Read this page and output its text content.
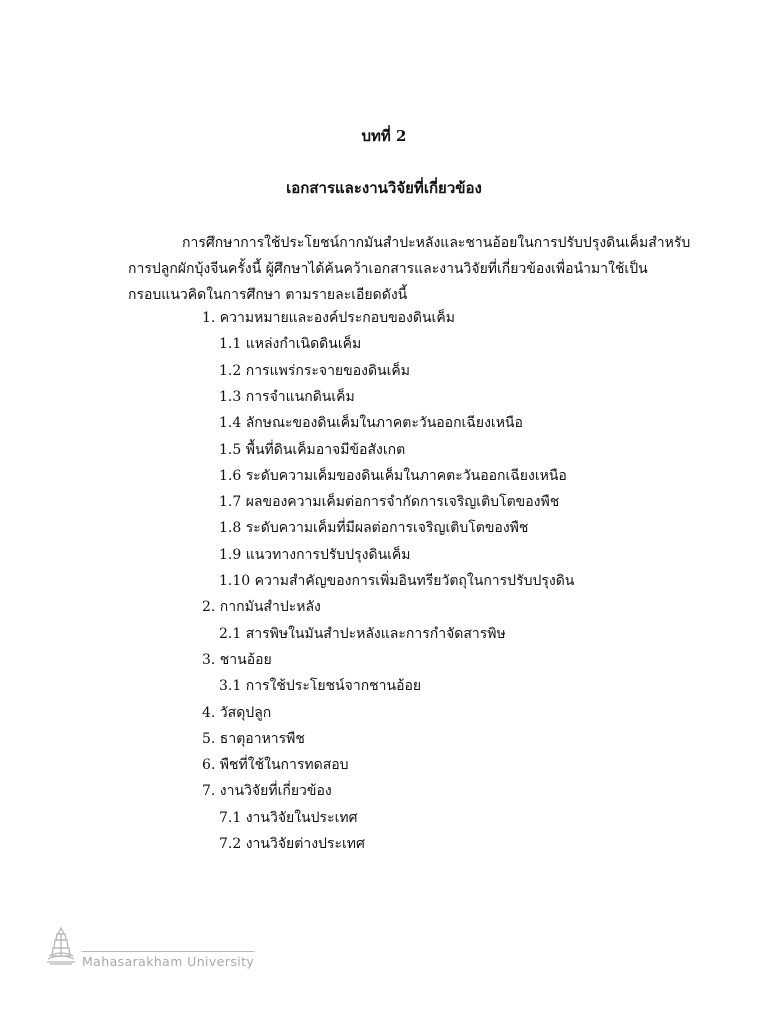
บทที่ 2
เอกสารและงานวิจัยที่เกี่ยวข้อง
การศึกษาการใช้ประโยชน์กากมันสำปะหลังและชานอ้อยในการปรับปรุงดินเค็มสำหรับ
การปลูกผักบุ้งจีนครั้งนี้ ผู้ศึกษาได้ค้นคว้าเอกสารและงานวิจัยที่เกี่ยวข้องเพื่อนำมาใช้เป็น
กรอบแนวคิดในการศึกษา ตามรายละเอียดดังนี้
1. ความหมายและองค์ประกอบของดินเค็ม
1.1 แหล่งกำเนิดดินเค็ม
1.2 การแพร่กระจายของดินเค็ม
1.3 การจำแนกดินเค็ม
1.4 ลักษณะของดินเค็มในภาคตะวันออกเฉียงเหนือ
1.5 พื้นที่ดินเค็มอาจมีข้อสังเกต
1.6 ระดับความเค็มของดินเค็มในภาคตะวันออกเฉียงเหนือ
1.7 ผลของความเค็มต่อการจำกัดการเจริญเติบโตของพืช
1.8 ระดับความเค็มที่มีผลต่อการเจริญเติบโตของพืช
1.9 แนวทางการปรับปรุงดินเค็ม
1.10 ความสำคัญของการเพิ่มอินทรียวัตถุในการปรับปรุงดิน
2. กากมันสำปะหลัง
2.1 สารพิษในมันสำปะหลังและการกำจัดสารพิษ
3. ชานอ้อย
3.1 การใช้ประโยชน์จากชานอ้อย
4. วัสดุปลูก
5. ธาตุอาหารพืช
6. พืชที่ใช้ในการทดสอบ
7. งานวิจัยที่เกี่ยวข้อง
7.1 งานวิจัยในประเทศ
7.2 งานวิจัยต่างประเทศ
Mahasarakham University
